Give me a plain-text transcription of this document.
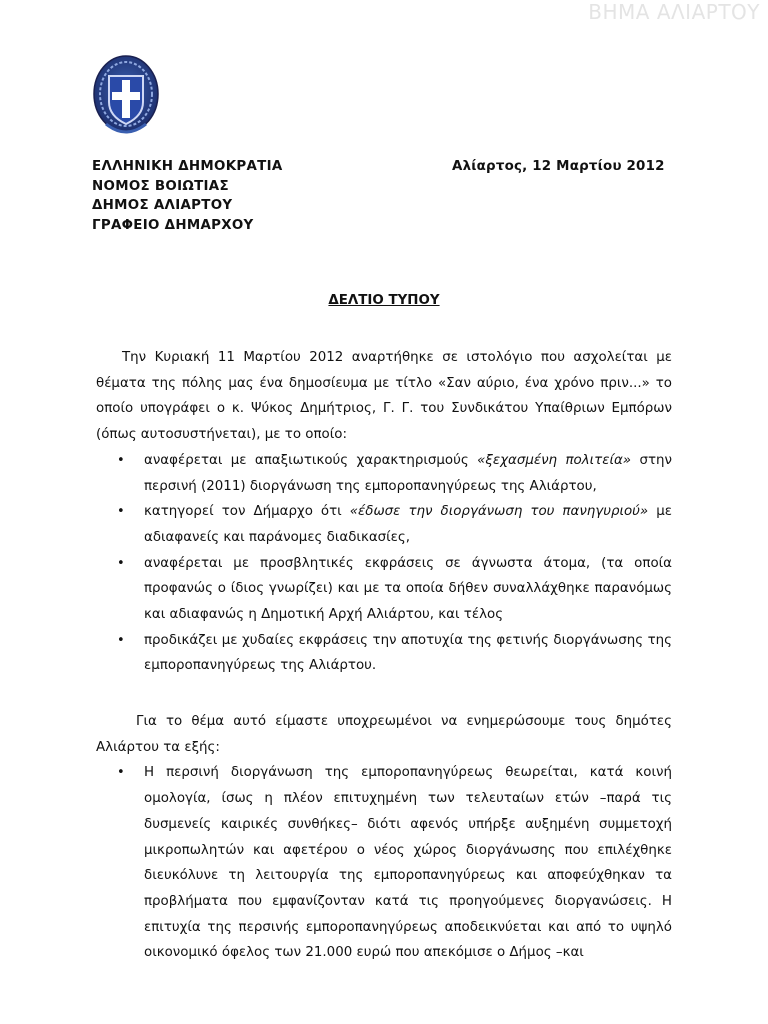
ΒΗΜΑ ΑΛΙΑΡΤΟΥ
ΕΛΛΗΝΙΚΗ ΔΗΜΟΚΡΑΤΙΑ
ΝΟΜΟΣ ΒΟΙΩΤΙΑΣ
ΔΗΜΟΣ ΑΛΙΑΡΤΟΥ
ΓΡΑΦΕΙΟ ΔΗΜΑΡΧΟΥ
Αλίαρτος, 12 Μαρτίου 2012
ΔΕΛΤΙΟ ΤΥΠΟΥ

Την Κυριακή 11 Μαρτίου 2012 αναρτήθηκε σε ιστολόγιο που ασχολείται με θέματα της πόλης μας ένα δημοσίευμα με τίτλο «Σαν αύριο, ένα χρόνο πριν...» το οποίο υπογράφει ο κ. Ψύκος Δημήτριος, Γ. Γ. του Συνδικάτου Υπαίθριων Εμπόρων (όπως αυτοσυστήνεται), με το οποίο:

• αναφέρεται με απαξιωτικούς χαρακτηρισμούς «ξεχασμένη πολιτεία» στην περσινή (2011) διοργάνωση της εμποροπανηγύρεως της Αλιάρτου,
• κατηγορεί τον Δήμαρχο ότι «έδωσε την διοργάνωση του πανηγυριού» με αδιαφανείς και παράνομες διαδικασίες,
• αναφέρεται με προσβλητικές εκφράσεις σε άγνωστα άτομα, (τα οποία προφανώς ο ίδιος γνωρίζει) και με τα οποία δήθεν συναλλάχθηκε παρανόμως και αδιαφανώς η Δημοτική Αρχή Αλιάρτου, και τέλος
• προδικάζει με χυδαίες εκφράσεις την αποτυχία της φετινής διοργάνωσης της εμποροπανηγύρεως της Αλιάρτου.

Για το θέμα αυτό είμαστε υποχρεωμένοι να ενημερώσουμε τους δημότες Αλιάρτου τα εξής:

• Η περσινή διοργάνωση της εμποροπανηγύρεως θεωρείται, κατά κοινή ομολογία, ίσως η πλέον επιτυχημένη των τελευταίων ετών –παρά τις δυσμενείς καιρικές συνθήκες– διότι αφενός υπήρξε αυξημένη συμμετοχή μικροπωλητών και αφετέρου ο νέος χώρος διοργάνωσης που επιλέχθηκε διευκόλυνε τη λειτουργία της εμποροπανηγύρεως και αποφεύχθηκαν τα προβλήματα που εμφανίζονταν κατά τις προηγούμενες διοργανώσεις. Η επιτυχία της περσινής εμποροπανηγύρεως αποδεικνύεται και από το υψηλό οικονομικό όφελος των 21.000 ευρώ που απεκόμισε ο Δήμος –και
